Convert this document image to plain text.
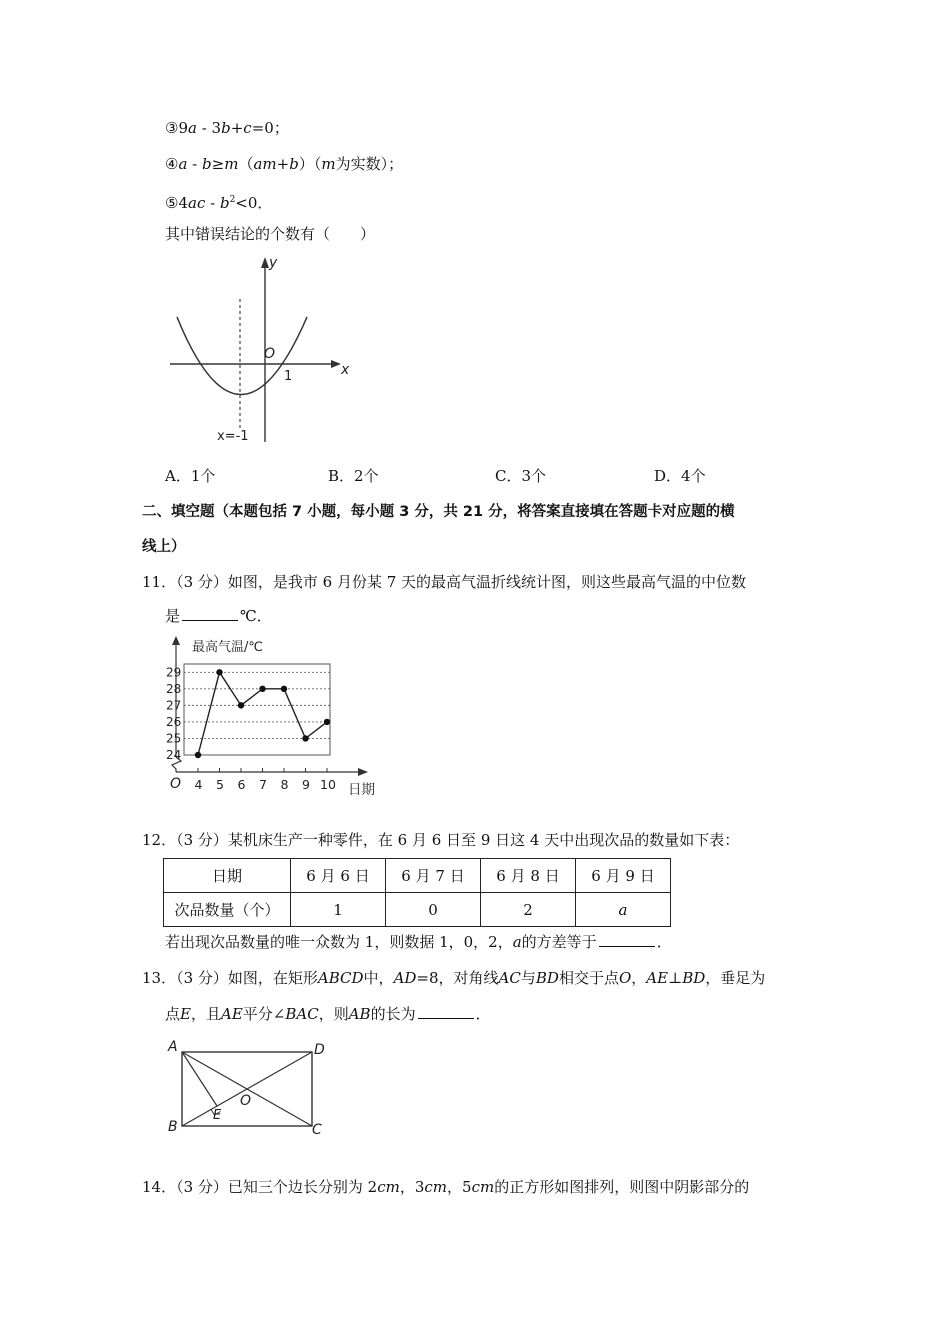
③9a - 3b+c=0；
④a - b≥m（am+b）（m为实数）；
⑤4ac - $b^2<0$．
其中错误结论的个数有（　　）
y
x
O
1
x=-1
A．1个	B．2个	C．3个	D．4个
二、填空题（本题包括 7 小题，每小题 3 分，共 21 分，将答案直接填在答题卡对应题的横
线上）
11．（3 分）如图，是我市 6 月份某 7 天的最高气温折线统计图，则这些最高气温的中位数
是	℃．
24
25
26
27
28
29
4 5 6 7 8 9 10
最高气温/℃
日期
O
12．（3 分）某机床生产一种零件，在 6 月 6 日至 9 日这 4 天中出现次品的数量如下表：
日期	6 月 6 日	6 月 7 日	6 月 8 日	6 月 9 日
次品数量（个）	1	0	2	a
若出现次品数量的唯一众数为 1，则数据 1，0，2，a的方差等于	．
13．（3 分）如图，在矩形ABCD中，AD=8，对角线AC与BD相交于点O，AE⊥BD，垂足为
点E，且AE平分∠BAC，则AB的长为	．
A	D
B	C
O
E
14．（3 分）已知三个边长分别为 2cm，3cm，5cm的正方形如图排列，则图中阴影部分的
